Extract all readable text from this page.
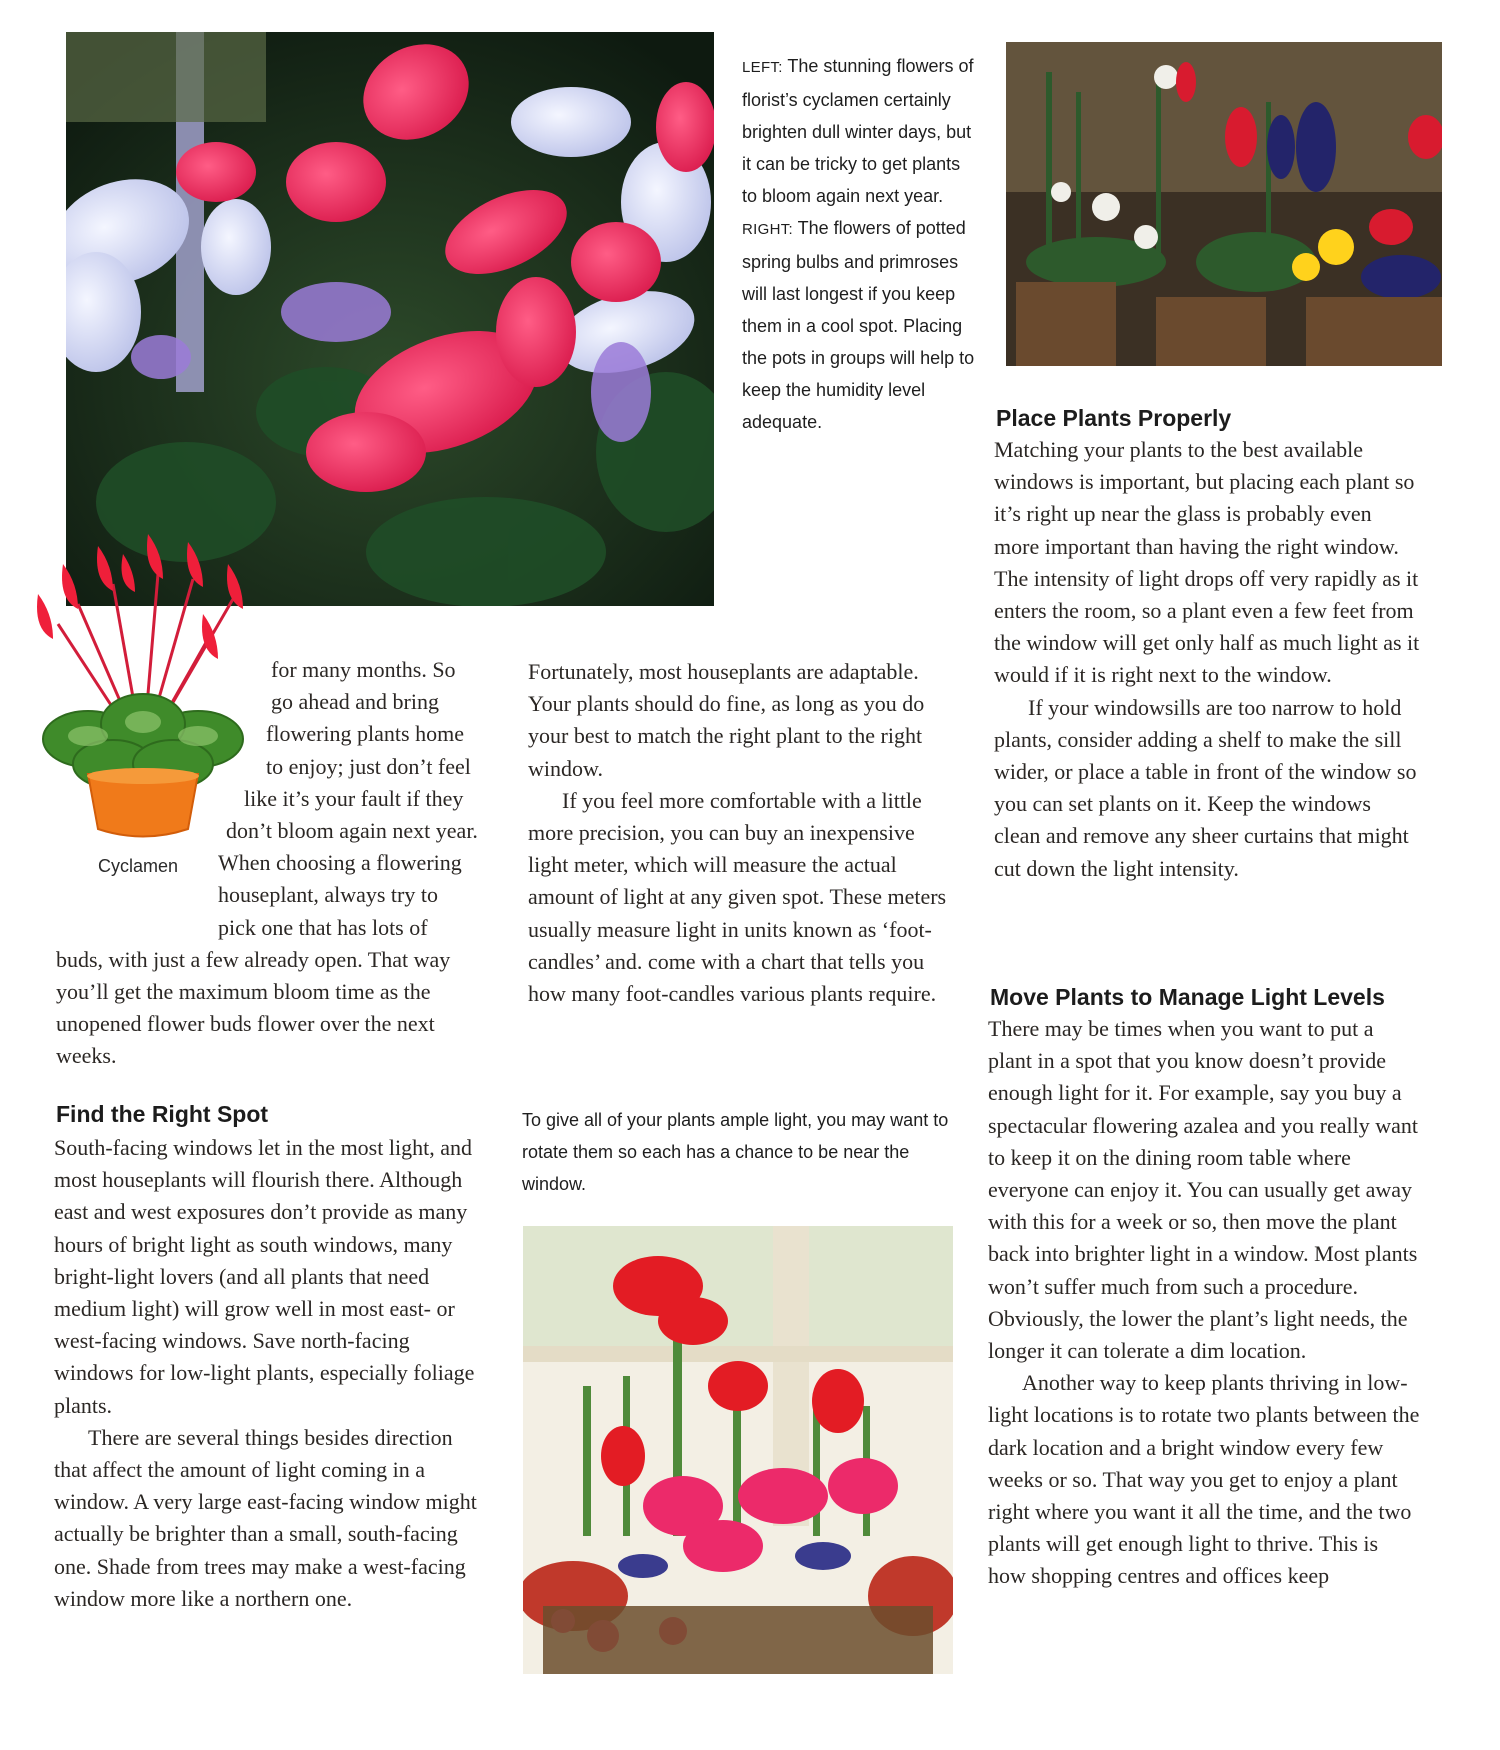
Cyclamen

LEFT: The stunning flowers of florist’s cyclamen certainly brighten dull winter days, but it can be tricky to get plants to bloom again next year.

RIGHT: The flowers of potted spring bulbs and primroses will last longest if you keep them in a cool spot. Placing the pots in groups will help to keep the humidity level adequate.

for many months. So go ahead and bring flowering plants home to enjoy; just don’t feel like it’s your fault if they don’t bloom again next year. When choosing a flowering houseplant, always try to pick one that has lots of buds, with just a few already open. That way you’ll get the maximum bloom time as the unopened flower buds flower over the next weeks.

Find the Right Spot

South-facing windows let in the most light, and most houseplants will flourish there. Although east and west exposures don’t provide as many hours of bright light as south windows, many bright-light lovers (and all plants that need medium light) will grow well in most east- or west-facing windows. Save north-facing windows for low-light plants, especially foliage plants.

There are several things besides direction that affect the amount of light coming in a window. A very large east-facing window might actually be brighter than a small, south-facing one. Shade from trees may make a west-facing window more like a northern one.

Fortunately, most houseplants are adaptable. Your plants should do fine, as long as you do your best to match the right plant to the right window.

If you feel more comfortable with a little more precision, you can buy an inexpensive light meter, which will measure the actual amount of light at any given spot. These meters usually measure light in units known as ‘foot-candles’ and. come with a chart that tells you how many foot-candles various plants require.

To give all of your plants ample light, you may want to rotate them so each has a chance to be near the window.
Place Plants Properly

Matching your plants to the best available windows is important, but placing each plant so it’s right up near the glass is probably even more important than having the right window. The intensity of light drops off very rapidly as it enters the room, so a plant even a few feet from the window will get only half as much light as it would if it is right next to the window.

If your windowsills are too narrow to hold plants, consider adding a shelf to make the sill wider, or place a table in front of the window so you can set plants on it. Keep the windows clean and remove any sheer curtains that might cut down the light intensity.

Move Plants to Manage Light Levels

There may be times when you want to put a plant in a spot that you know doesn’t provide enough light for it. For example, say you buy a spectacular flowering azalea and you really want to keep it on the dining room table where everyone can enjoy it. You can usually get away with this for a week or so, then move the plant back into brighter light in a window. Most plants won’t suffer much from such a procedure. Obviously, the lower the plant’s light needs, the longer it can tolerate a dim location.

Another way to keep plants thriving in low-light locations is to rotate two plants between the dark location and a bright window every few weeks or so. That way you get to enjoy a plant right where you want it all the time, and the two plants will get enough light to thrive. This is how shopping centres and offices keep
